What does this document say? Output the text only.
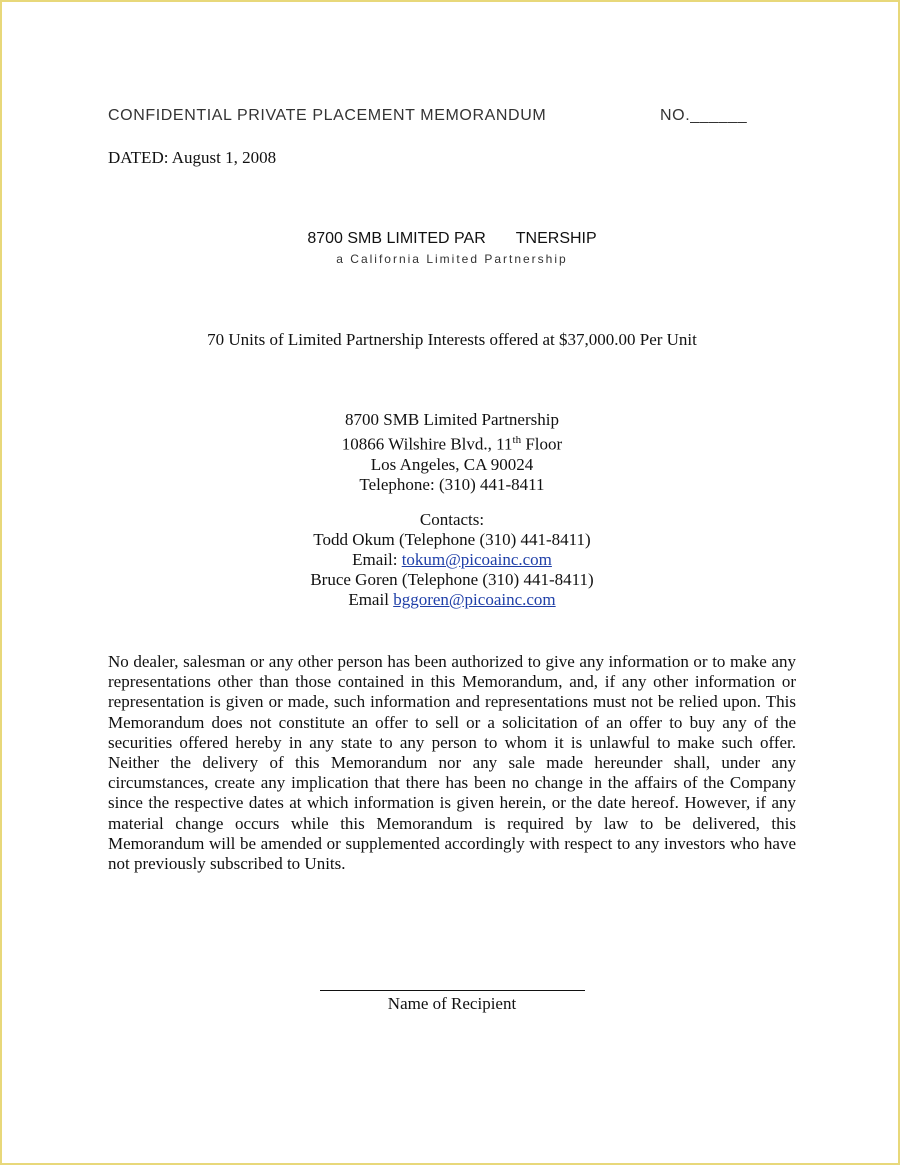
CONFIDENTIAL PRIVATE PLACEMENT MEMORANDUM	NO.______
DATED: August 1, 2008
8700 SMB LIMITED PAR TNERSHIP
a California Limited Partnership
70 Units of Limited Partnership Interests offered at $37,000.00 Per Unit
8700 SMB Limited Partnership
10866 Wilshire Blvd., 11th Floor
Los Angeles, CA 90024
Telephone: (310) 441-8411
Contacts:
Todd Okum (Telephone (310) 441-8411)
Email: tokum@picoainc.com
Bruce Goren (Telephone (310) 441-8411)
Email bggoren@picoainc.com
No dealer, salesman or any other person has been authorized to give any information or to make any representations other than those contained in this Memorandum, and, if any other information or representation is given or made, such information and representations must not be relied upon. This Memorandum does not constitute an offer to sell or a solicitation of an offer to buy any of the securities offered hereby in any state to any person to whom it is unlawful to make such offer. Neither the delivery of this Memorandum nor any sale made hereunder shall, under any circumstances, create any implication that there has been no change in the affairs of the Company since the respective dates at which information is given herein, or the date hereof. However, if any material change occurs while this Memorandum is required by law to be delivered, this Memorandum will be amended or supplemented accordingly with respect to any investors who have not previously subscribed to Units.
Name of Recipient
